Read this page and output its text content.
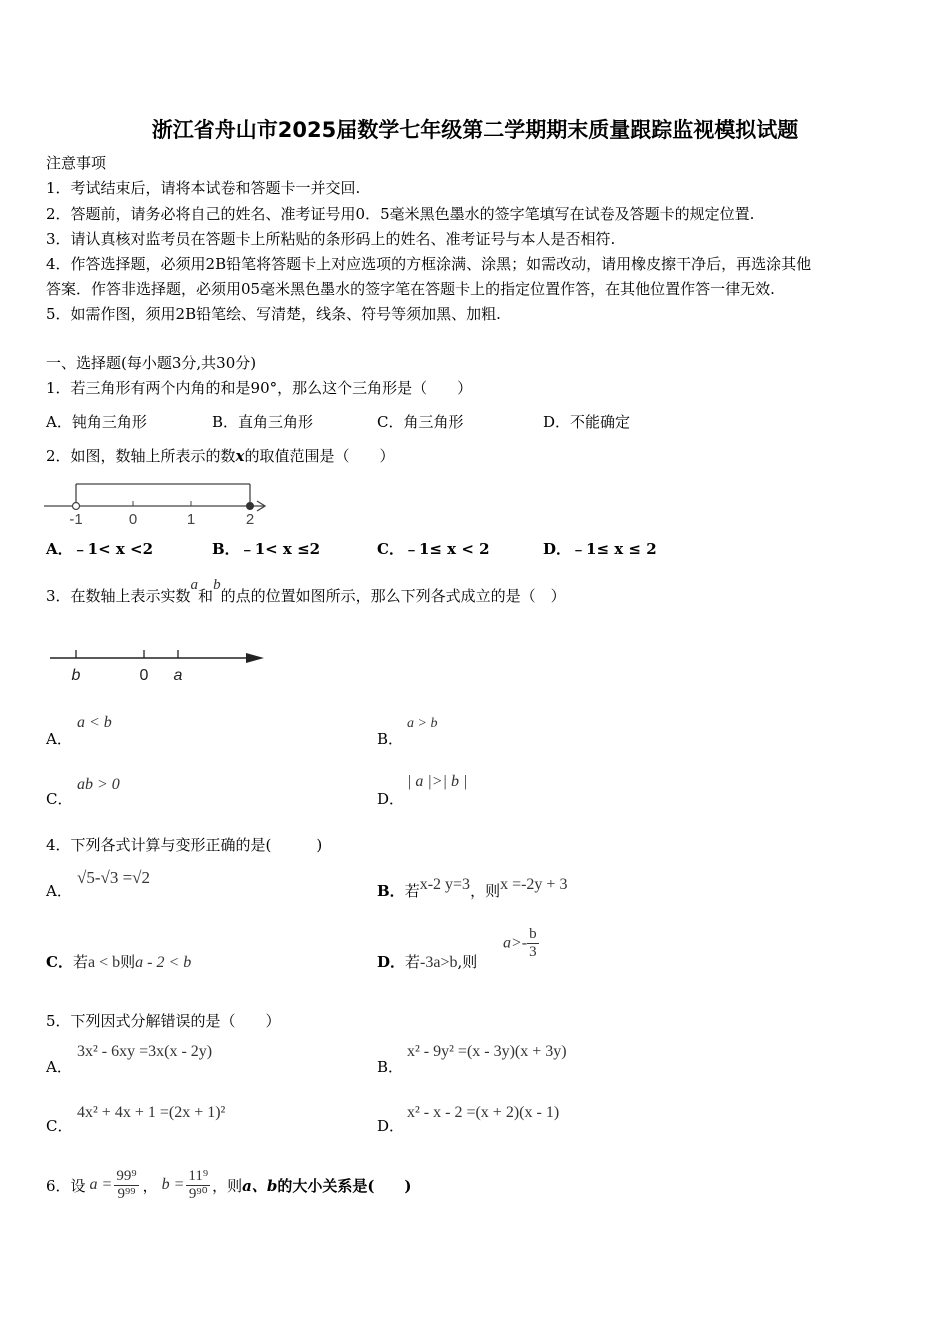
浙江省舟山市2025届数学七年级第二学期期末质量跟踪监视模拟试题
注意事项
1．考试结束后，请将本试卷和答题卡一并交回.
2．答题前，请务必将自己的姓名、准考证号用0．5毫米黑色墨水的签字笔填写在试卷及答题卡的规定位置.
3．请认真核对监考员在答题卡上所粘贴的条形码上的姓名、准考证号与本人是否相符.
4．作答选择题，必须用2B铅笔将答题卡上对应选项的方框涂满、涂黑；如需改动，请用橡皮擦干净后，再选涂其他
答案．作答非选择题，必须用05毫米黑色墨水的签字笔在答题卡上的指定位置作答，在其他位置作答一律无效.
5．如需作图，须用2B铅笔绘、写清楚，线条、符号等须加黑、加粗.
一、选择题(每小题3分,共30分)
1．若三角形有两个内角的和是90°，那么这个三角形是（　　）
A．钝角三角形	B．直角三角形	C．角三角形	D．不能确定
2．如图，数轴上所表示的数x的取值范围是（　　）
-1	0	1	2
A．﹣1< x <2	B．﹣1< x ≤2	C．﹣1≤ x < 2	D．﹣1≤ x ≤ 2
3．在数轴上表示实数a和b的点的位置如图所示，那么下列各式成立的是（　）
b	0 a
A．
a < b
B．
a > b
C．
ab > 0
D．
| a |>| b |
4．下列各式计算与变形正确的是(　　　)
A．
√5-√3 =√2
B．若x-2 y=3，则x =-2y + 3
C．若a < b则a - 2 < b	D．若-3a>b,则
$a>- \frac{b}{3}$
5．下列因式分解错误的是（　　）
A．
3x² - 6xy =3x(x - 2y)
B．
x² - 9y² =(x - 3y)(x + 3y)
C．
4x² + 4x + 1 =(2x + 1)²
D．
x² - x - 2 =(x + 2)(x - 1)
6．设 $a = \frac{\text{99⁹}}{\text{9⁹⁹}}$ ， $b = \frac{\text{11⁹}}{\text{9⁹⁰}}$ ，则 a、b 的大小关系是(　　)
